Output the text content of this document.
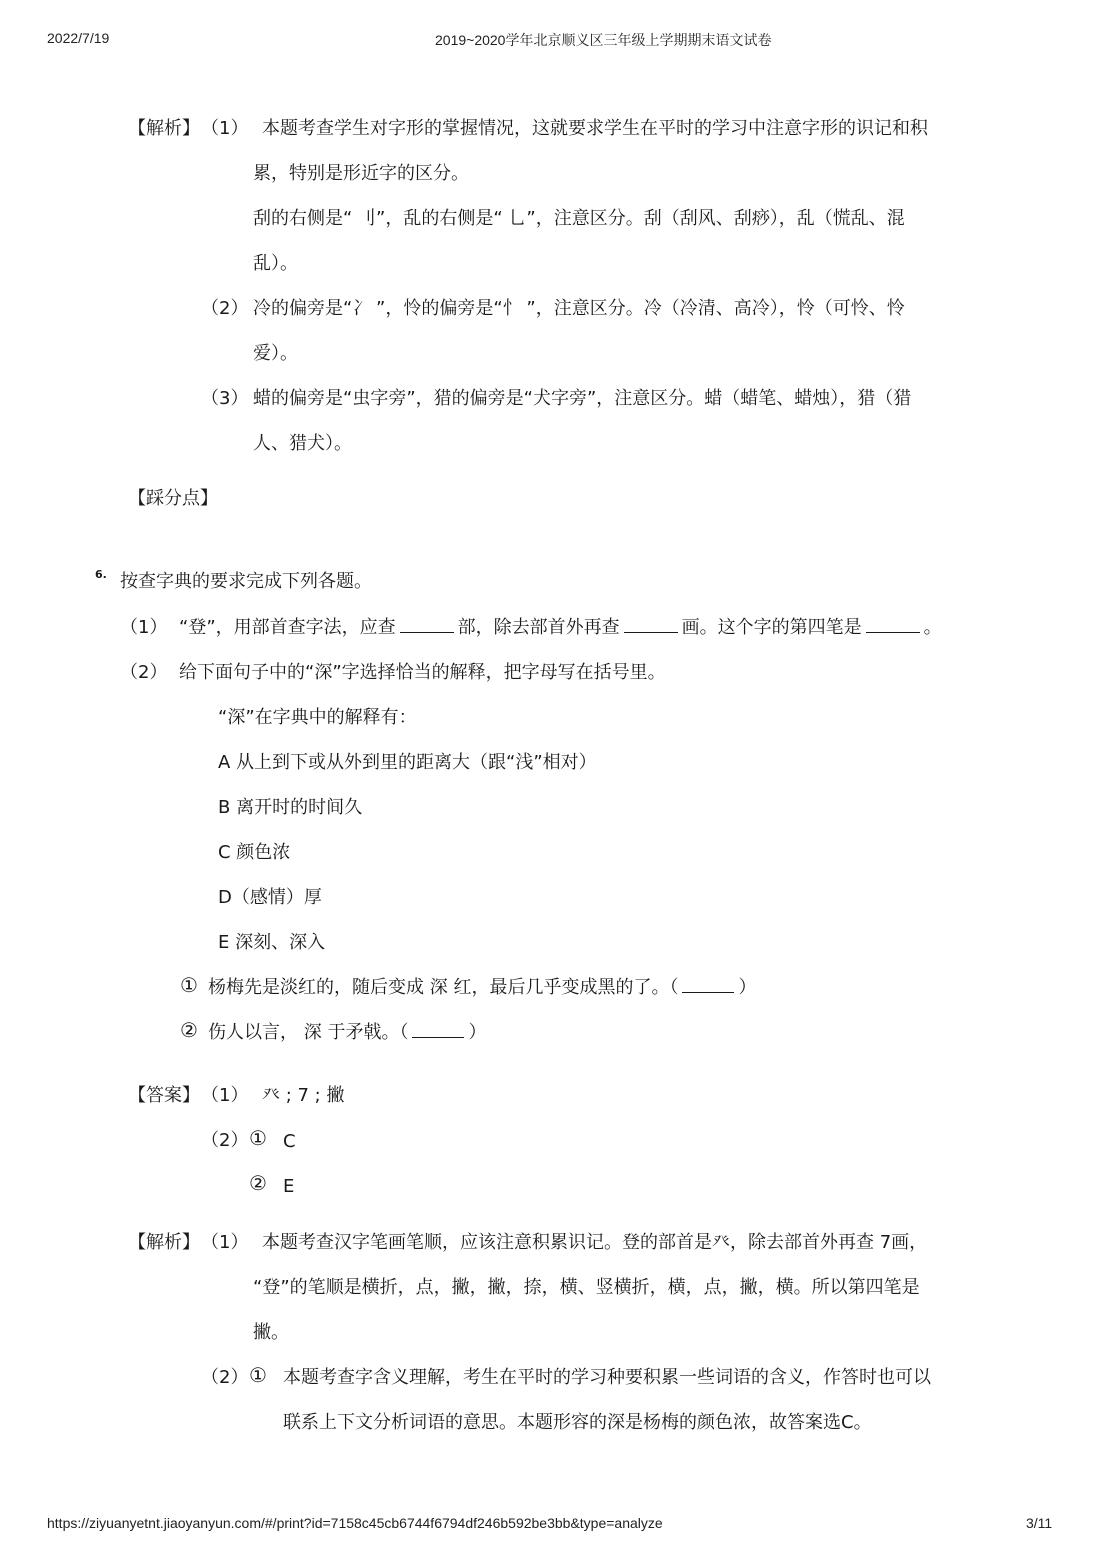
2022/7/19	2019~2020学年北京顺义区三年级上学期期末语文试卷
【解析】 （1） 本题考查学生对字形的掌握情况，这就要求学生在平时的学习中注意字形的识记和积
累，特别是形近字的区分。
刮的右侧是“ 刂”，乱的右侧是“ 乚”，注意区分。刮（刮风、刮痧），乱（慌乱、混
乱）。
（2） 冷的偏旁是“冫 ”，怜的偏旁是“忄 ”，注意区分。冷（冷清、高冷），怜（可怜、怜
爱）。
（3） 蜡的偏旁是“虫字旁”，猎的偏旁是“犬字旁”，注意区分。蜡（蜡笔、蜡烛），猎（猎
人、猎犬）。
【踩分点】
6. 按查字典的要求完成下列各题。
（1） “登”，用部首查字法，应查	部，除去部首外再查	画。这个字的第四笔是	。
（2） 给下面句子中的“深”字选择恰当的解释，把字母写在括号里。
“深”在字典中的解释有：
A 从上到下或从外到里的距离大（跟“浅”相对）
B 离开时的时间久
C 颜色浓
D（感情）厚
E 深刻、深入
① 杨梅先是淡红的，随后变成 深 红，最后几乎变成黑的了。（	）
② 伤人以言， 深 于矛戟。（	）
【答案】 （1） 癶 ; 7 ; 撇
（2） ① C
② E
【解析】 （1） 本题考查汉字笔画笔顺，应该注意积累识记。登的部首是癶，除去部首外再查 7画，
“登”的笔顺是横折，点，撇，撇，捺，横、竖横折，横，点，撇，横。所以第四笔是
撇。
（2） ① 本题考查字含义理解，考生在平时的学习种要积累一些词语的含义，作答时也可以
联系上下文分析词语的意思。本题形容的深是杨梅的颜色浓，故答案选C。
https://ziyuanyetnt.jiaoyanyun.com/#/print?id=7158c45cb6744f6794df246b592be3bb&type=analyze	3/11
